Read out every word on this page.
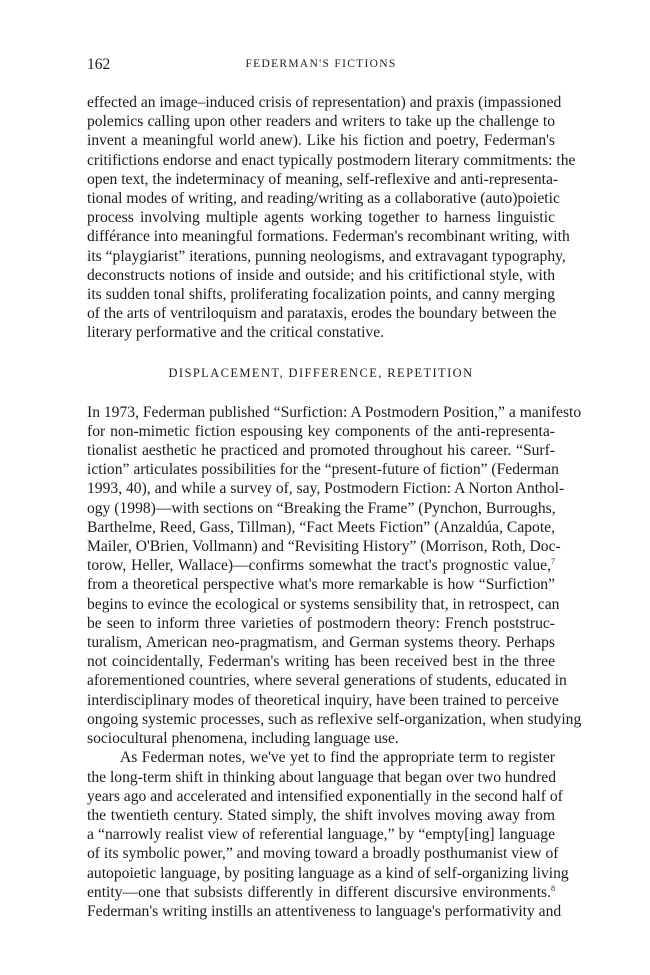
162	FEDERMAN'S FICTIONS

effected an image–induced crisis of representation) and praxis (impassioned
polemics calling upon other readers and writers to take up the challenge to
invent a meaningful world anew). Like his fiction and poetry, Federman's
critifictions endorse and enact typically postmodern literary commitments: the
open text, the indeterminacy of meaning, self-reflexive and anti-representa-
tional modes of writing, and reading/writing as a collaborative (auto)poietic
process involving multiple agents working together to harness linguistic
différance into meaningful formations. Federman's recombinant writing, with
its “playgiarist” iterations, punning neologisms, and extravagant typography,
deconstructs notions of inside and outside; and his critifictional style, with
its sudden tonal shifts, proliferating focalization points, and canny merging
of the arts of ventriloquism and parataxis, erodes the boundary between the
literary performative and the critical constative.

DISPLACEMENT, DIFFERENCE, REPETITION

In 1973, Federman published “Surfiction: A Postmodern Position,” a manifesto
for non-mimetic fiction espousing key components of the anti-representa-
tionalist aesthetic he practiced and promoted throughout his career. “Surf-
iction” articulates possibilities for the “present-future of fiction” (Federman
1993, 40), and while a survey of, say, Postmodern Fiction: A Norton Anthol-
ogy (1998)—with sections on “Breaking the Frame” (Pynchon, Burroughs,
Barthelme, Reed, Gass, Tillman), “Fact Meets Fiction” (Anzaldúa, Capote,
Mailer, O'Brien, Vollmann) and “Revisiting History” (Morrison, Roth, Doc-
torow, Heller, Wallace)—confirms somewhat the tract's prognostic value,$^7$
from a theoretical perspective what's more remarkable is how “Surfiction”
begins to evince the ecological or systems sensibility that, in retrospect, can
be seen to inform three varieties of postmodern theory: French poststruc-
turalism, American neo-pragmatism, and German systems theory. Perhaps
not coincidentally, Federman's writing has been received best in the three
aforementioned countries, where several generations of students, educated in
interdisciplinary modes of theoretical inquiry, have been trained to perceive
ongoing systemic processes, such as reflexive self-organization, when studying
sociocultural phenomena, including language use.

As Federman notes, we've yet to find the appropriate term to register
the long-term shift in thinking about language that began over two hundred
years ago and accelerated and intensified exponentially in the second half of
the twentieth century. Stated simply, the shift involves moving away from
a “narrowly realist view of referential language,” by “empty[ing] language
of its symbolic power,” and moving toward a broadly posthumanist view of
autopoietic language, by positing language as a kind of self-organizing living
entity—one that subsists differently in different discursive environments.$^8$
Federman's writing instills an attentiveness to language's performativity and
